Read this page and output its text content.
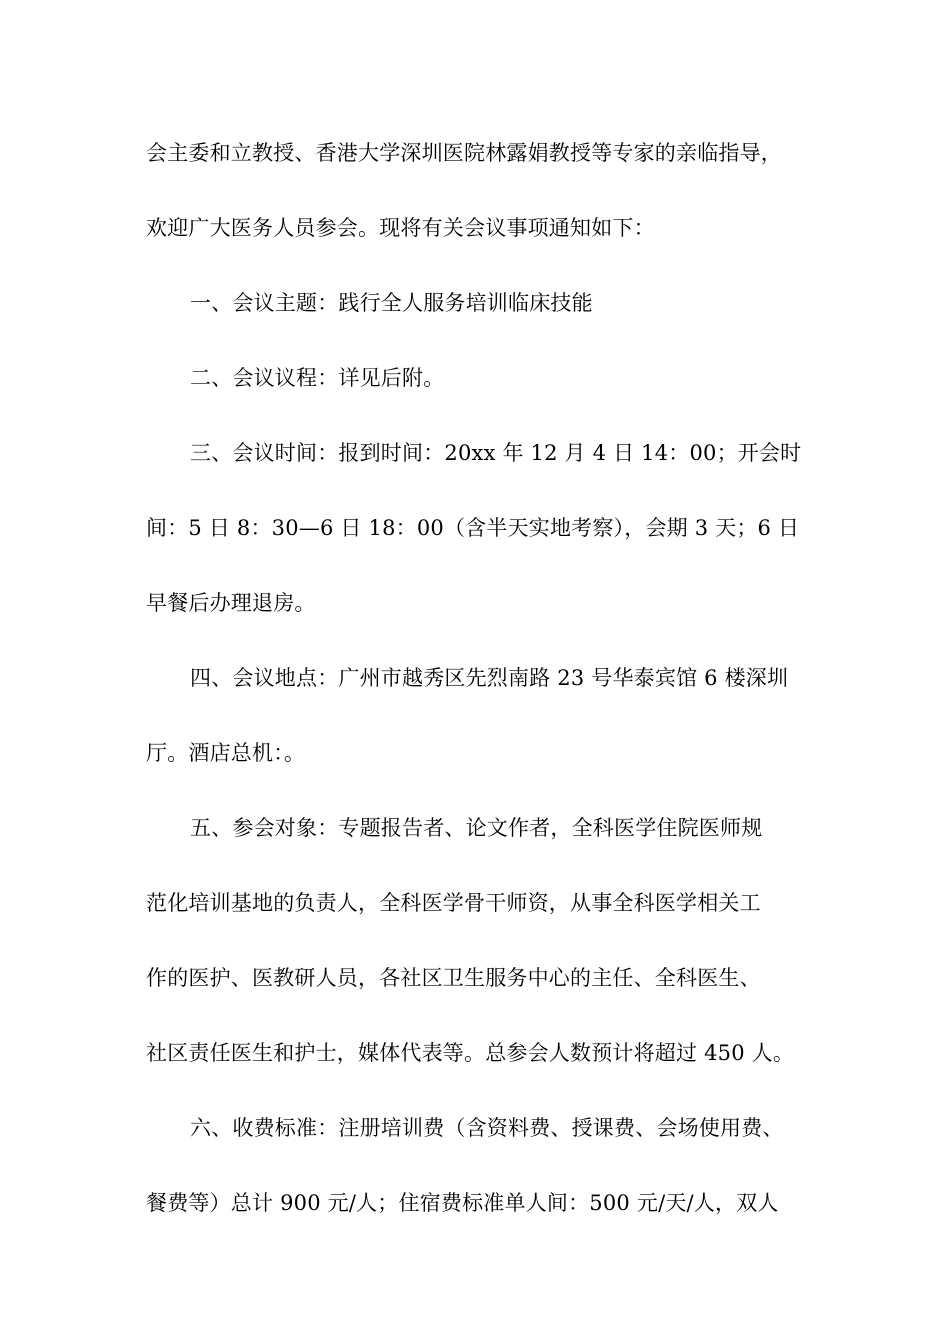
会主委和立教授、香港大学深圳医院林露娟教授等专家的亲临指导，
欢迎广大医务人员参会。现将有关会议事项通知如下：
一、会议主题：践行全人服务培训临床技能
二、会议议程：详见后附。
三、会议时间：报到时间：20xx 年 12 月 4 日 14：00；开会时
间：5 日 8：30—6 日 18：00（含半天实地考察），会期 3 天；6 日
早餐后办理退房。
四、会议地点：广州市越秀区先烈南路 23 号华泰宾馆 6 楼深圳
厅。酒店总机：。
五、参会对象：专题报告者、论文作者，全科医学住院医师规
范化培训基地的负责人，全科医学骨干师资，从事全科医学相关工
作的医护、医教研人员，各社区卫生服务中心的主任、全科医生、
社区责任医生和护士，媒体代表等。总参会人数预计将超过 450 人。
六、收费标准：注册培训费（含资料费、授课费、会场使用费、
餐费等）总计 900 元/人；住宿费标准单人间：500 元/天/人，双人
